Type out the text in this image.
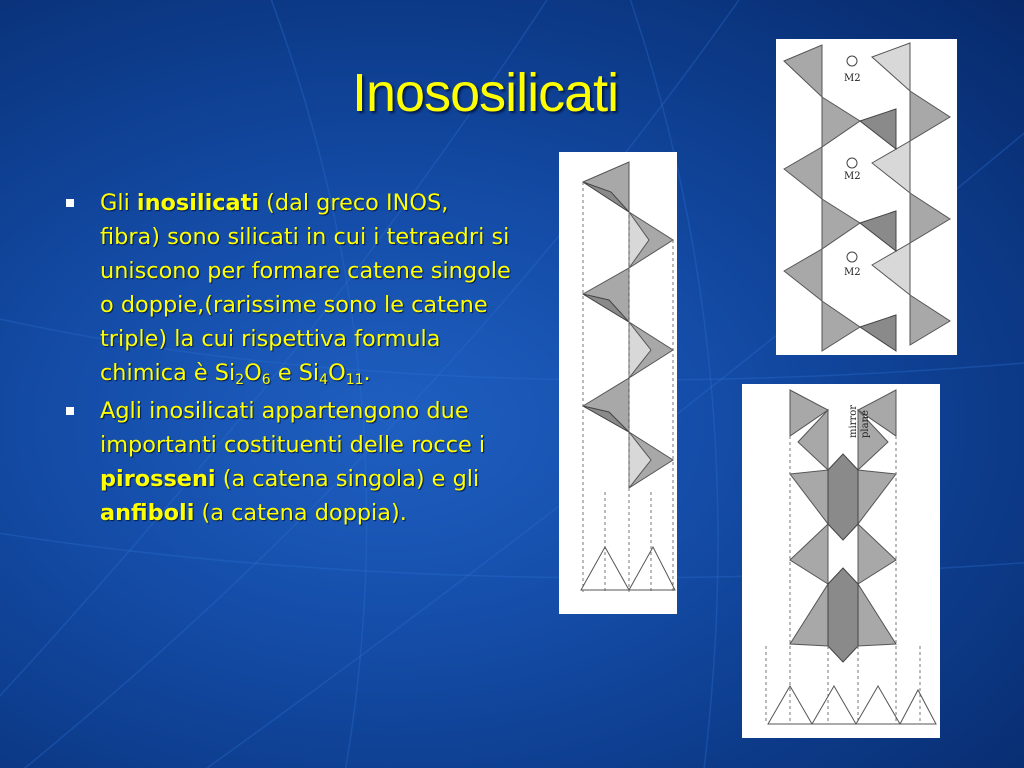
Inososilicati
Gli inosilicati (dal greco INOS, fibra) sono silicati in cui i tetraedri si uniscono per formare catene singole o doppie,(rarissime sono le catene triple) la cui rispettiva formula chimica è $Si_2O_6$ e $Si_4O_{11}$.
Agli inosilicati appartengono due importanti costituenti delle rocce i pirosseni (a catena singola) e gli anfiboli (a catena doppia).
M2
M2
M2
mirror plane
